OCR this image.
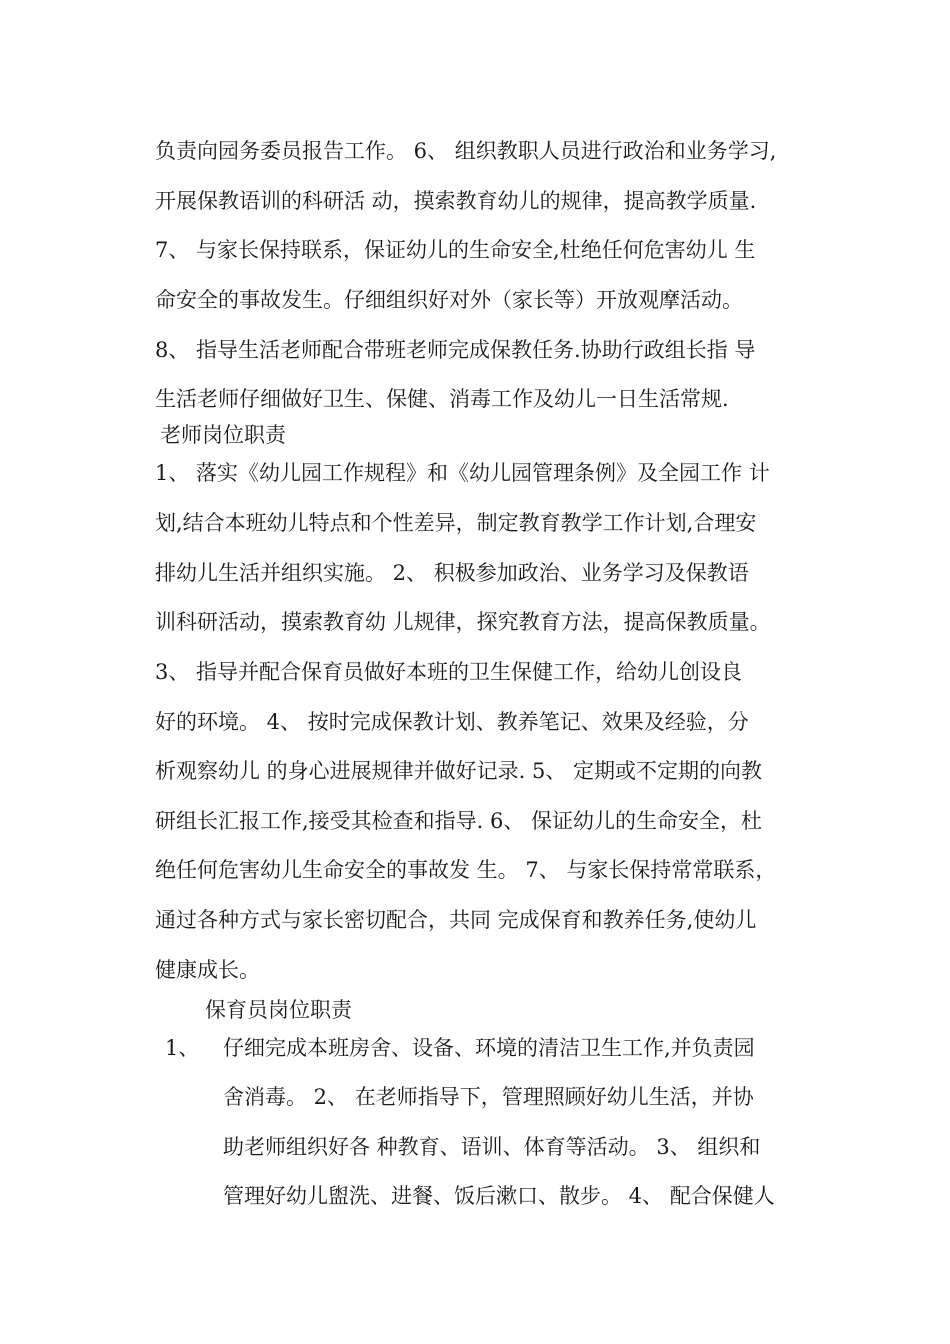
负责向园务委员报告工作。 6、 组织教职人员进行政治和业务学习,
开展保教语训的科研活 动，摸索教育幼儿的规律，提高教学质量.
7、 与家长保持联系，保证幼儿的生命安全,杜绝任何危害幼儿 生
命安全的事故发生。仔细组织好对外（家长等）开放观摩活动。
8、 指导生活老师配合带班老师完成保教任务.协助行政组长指 导
生活老师仔细做好卫生、保健、消毒工作及幼儿一日生活常规.
老师岗位职责
1、 落实《幼儿园工作规程》和《幼儿园管理条例》及全园工作 计
划,结合本班幼儿特点和个性差异，制定教育教学工作计划,合理安
排幼儿生活并组织实施。 2、 积极参加政治、业务学习及保教语
训科研活动，摸索教育幼 儿规律，探究教育方法，提高保教质量。
3、 指导并配合保育员做好本班的卫生保健工作，给幼儿创设良
好的环境。 4、 按时完成保教计划、教养笔记、效果及经验，分
析观察幼儿 的身心进展规律并做好记录. 5、 定期或不定期的向教
研组长汇报工作,接受其检查和指导. 6、 保证幼儿的生命安全，杜
绝任何危害幼儿生命安全的事故发 生。 7、 与家长保持常常联系，
通过各种方式与家长密切配合，共同 完成保育和教养任务,使幼儿
健康成长。
保育员岗位职责
1、 仔细完成本班房舍、设备、环境的清洁卫生工作,并负责园
舍消毒。 2、 在老师指导下，管理照顾好幼儿生活，并协
助老师组织好各 种教育、语训、体育等活动。 3、 组织和
管理好幼儿盥洗、进餐、饭后漱口、散步。 4、 配合保健人
